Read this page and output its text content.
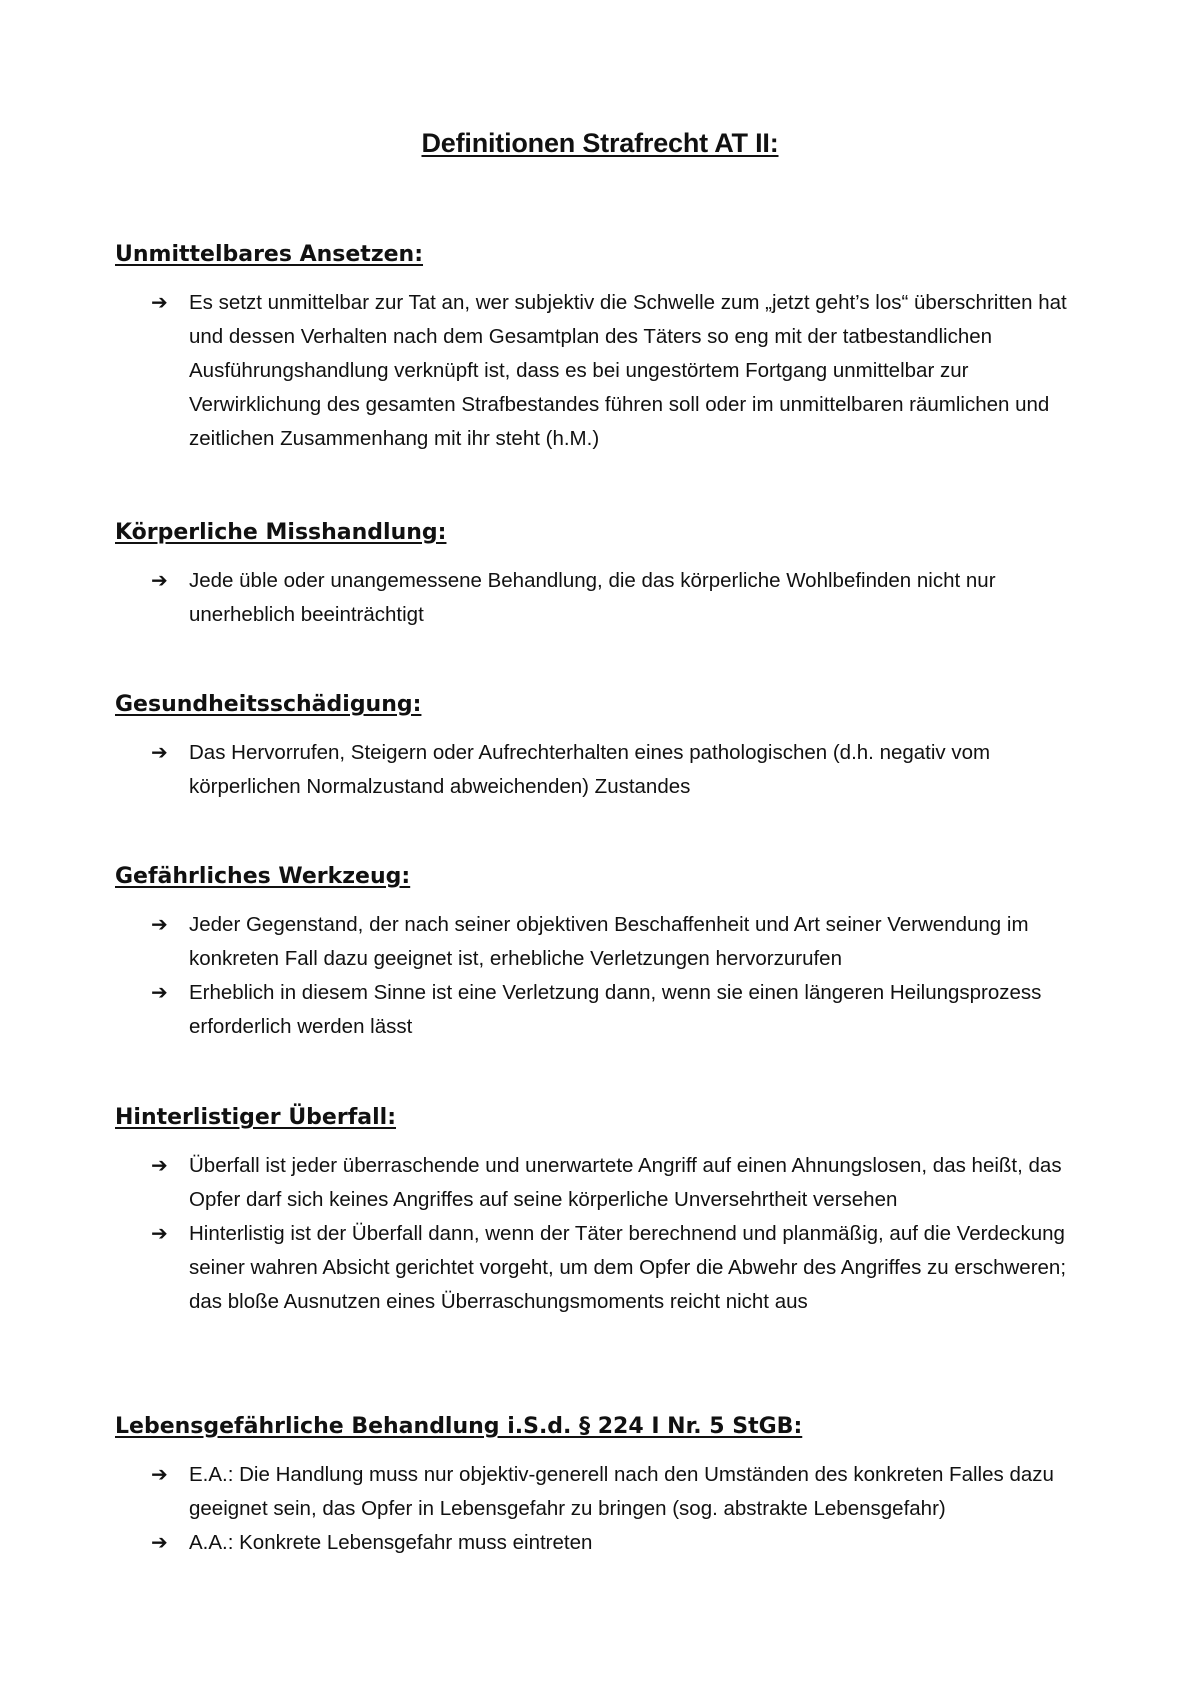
Definitionen Strafrecht AT II:
Unmittelbares Ansetzen:
➔ Es setzt unmittelbar zur Tat an, wer subjektiv die Schwelle zum „jetzt geht’s los“ überschritten hat und dessen Verhalten nach dem Gesamtplan des Täters so eng mit der tatbestandlichen Ausführungshandlung verknüpft ist, dass es bei ungestörtem Fortgang unmittelbar zur Verwirklichung des gesamten Strafbestandes führen soll oder im unmittelbaren räumlichen und zeitlichen Zusammenhang mit ihr steht (h.M.)
Körperliche Misshandlung:
➔ Jede üble oder unangemessene Behandlung, die das körperliche Wohlbefinden nicht nur unerheblich beeinträchtigt
Gesundheitsschädigung:
➔ Das Hervorrufen, Steigern oder Aufrechterhalten eines pathologischen (d.h. negativ vom körperlichen Normalzustand abweichenden) Zustandes
Gefährliches Werkzeug:
➔ Jeder Gegenstand, der nach seiner objektiven Beschaffenheit und Art seiner Verwendung im konkreten Fall dazu geeignet ist, erhebliche Verletzungen hervorzurufen
➔ Erheblich in diesem Sinne ist eine Verletzung dann, wenn sie einen längeren Heilungsprozess erforderlich werden lässt
Hinterlistiger Überfall:
➔ Überfall ist jeder überraschende und unerwartete Angriff auf einen Ahnungslosen, das heißt, das Opfer darf sich keines Angriffes auf seine körperliche Unversehrtheit versehen
➔ Hinterlistig ist der Überfall dann, wenn der Täter berechnend und planmäßig, auf die Verdeckung seiner wahren Absicht gerichtet vorgeht, um dem Opfer die Abwehr des Angriffes zu erschweren; das bloße Ausnutzen eines Überraschungsmoments reicht nicht aus
Lebensgefährliche Behandlung i.S.d. § 224 I Nr. 5 StGB:
➔ E.A.: Die Handlung muss nur objektiv-generell nach den Umständen des konkreten Falles dazu geeignet sein, das Opfer in Lebensgefahr zu bringen (sog. abstrakte Lebensgefahr)
➔ A.A.: Konkrete Lebensgefahr muss eintreten
